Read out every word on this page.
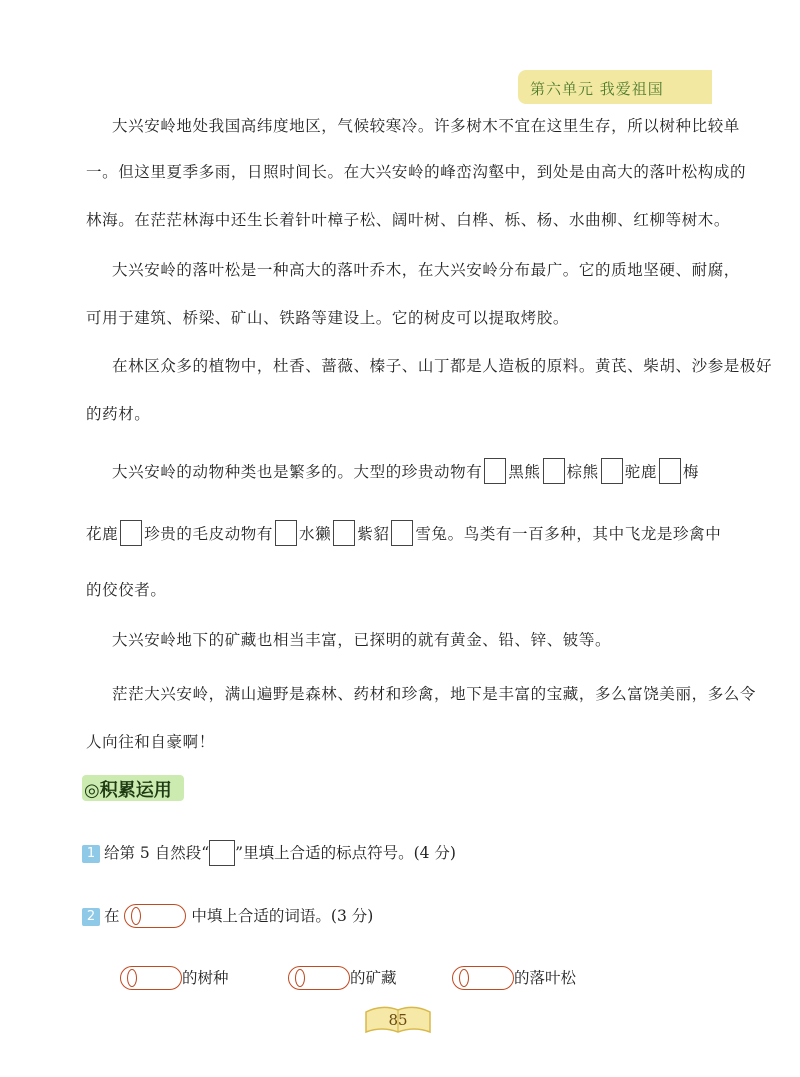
第六单元 我爱祖国
大兴安岭地处我国高纬度地区，气候较寒冷。许多树木不宜在这里生存，所以树种比较单
一。但这里夏季多雨，日照时间长。在大兴安岭的峰峦沟壑中，到处是由高大的落叶松构成的
林海。在茫茫林海中还生长着针叶樟子松、阔叶树、白桦、栎、杨、水曲柳、红柳等树木。
大兴安岭的落叶松是一种高大的落叶乔木，在大兴安岭分布最广。它的质地坚硬、耐腐，
可用于建筑、桥梁、矿山、铁路等建设上。它的树皮可以提取烤胶。
在林区众多的植物中，杜香、蔷薇、榛子、山丁都是人造板的原料。黄芪、柴胡、沙参是极好
的药材。
大兴安岭的动物种类也是繁多的。大型的珍贵动物有 黑熊 棕熊 驼鹿 梅
花鹿 珍贵的毛皮动物有 水獭 紫貂 雪兔。鸟类有一百多种，其中飞龙是珍禽中
的佼佼者。
大兴安岭地下的矿藏也相当丰富，已探明的就有黄金、铅、锌、铍等。
茫茫大兴安岭，满山遍野是森林、药材和珍禽，地下是丰富的宝藏，多么富饶美丽，多么令
人向往和自豪啊！
◎积累运用
1 给第 5 自然段“ ”里填上合适的标点符号。(4 分)
2 在	中填上合适的词语。(3 分)
的树种	的矿藏	的落叶松
85
